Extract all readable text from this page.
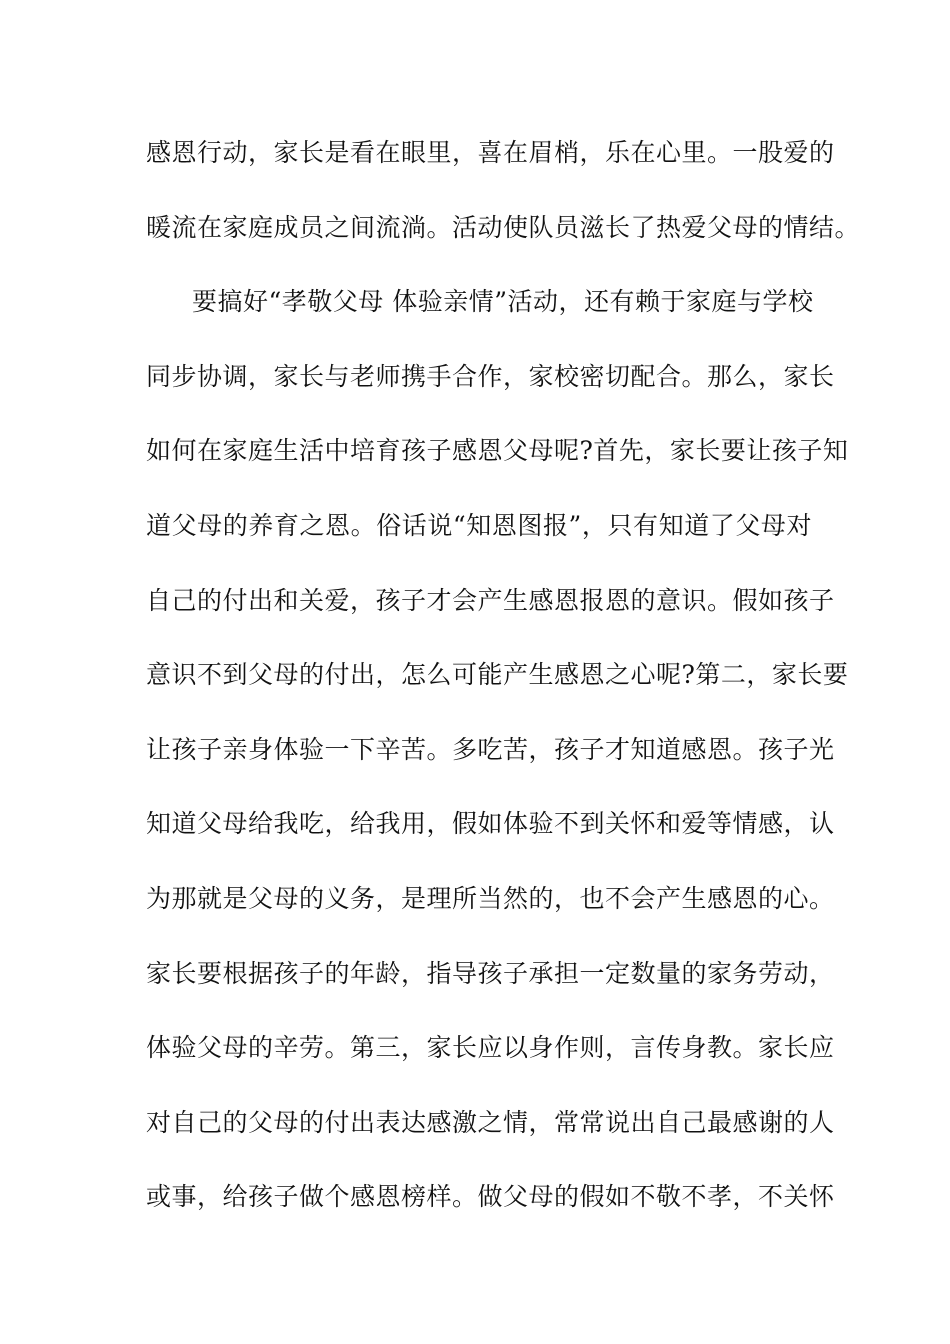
感恩行动，家长是看在眼里，喜在眉梢，乐在心里。一股爱的
暖流在家庭成员之间流淌。活动使队员滋长了热爱父母的情结。
要搞好“孝敬父母 体验亲情”活动，还有赖于家庭与学校
同步协调，家长与老师携手合作，家校密切配合。那么，家长
如何在家庭生活中培育孩子感恩父母呢?首先，家长要让孩子知
道父母的养育之恩。俗话说“知恩图报”，只有知道了父母对
自己的付出和关爱，孩子才会产生感恩报恩的意识。假如孩子
意识不到父母的付出，怎么可能产生感恩之心呢?第二，家长要
让孩子亲身体验一下辛苦。多吃苦，孩子才知道感恩。孩子光
知道父母给我吃，给我用，假如体验不到关怀和爱等情感，认
为那就是父母的义务，是理所当然的，也不会产生感恩的心。
家长要根据孩子的年龄，指导孩子承担一定数量的家务劳动，
体验父母的辛劳。第三，家长应以身作则，言传身教。家长应
对自己的父母的付出表达感激之情，常常说出自己最感谢的人
或事，给孩子做个感恩榜样。做父母的假如不敬不孝，不关怀
